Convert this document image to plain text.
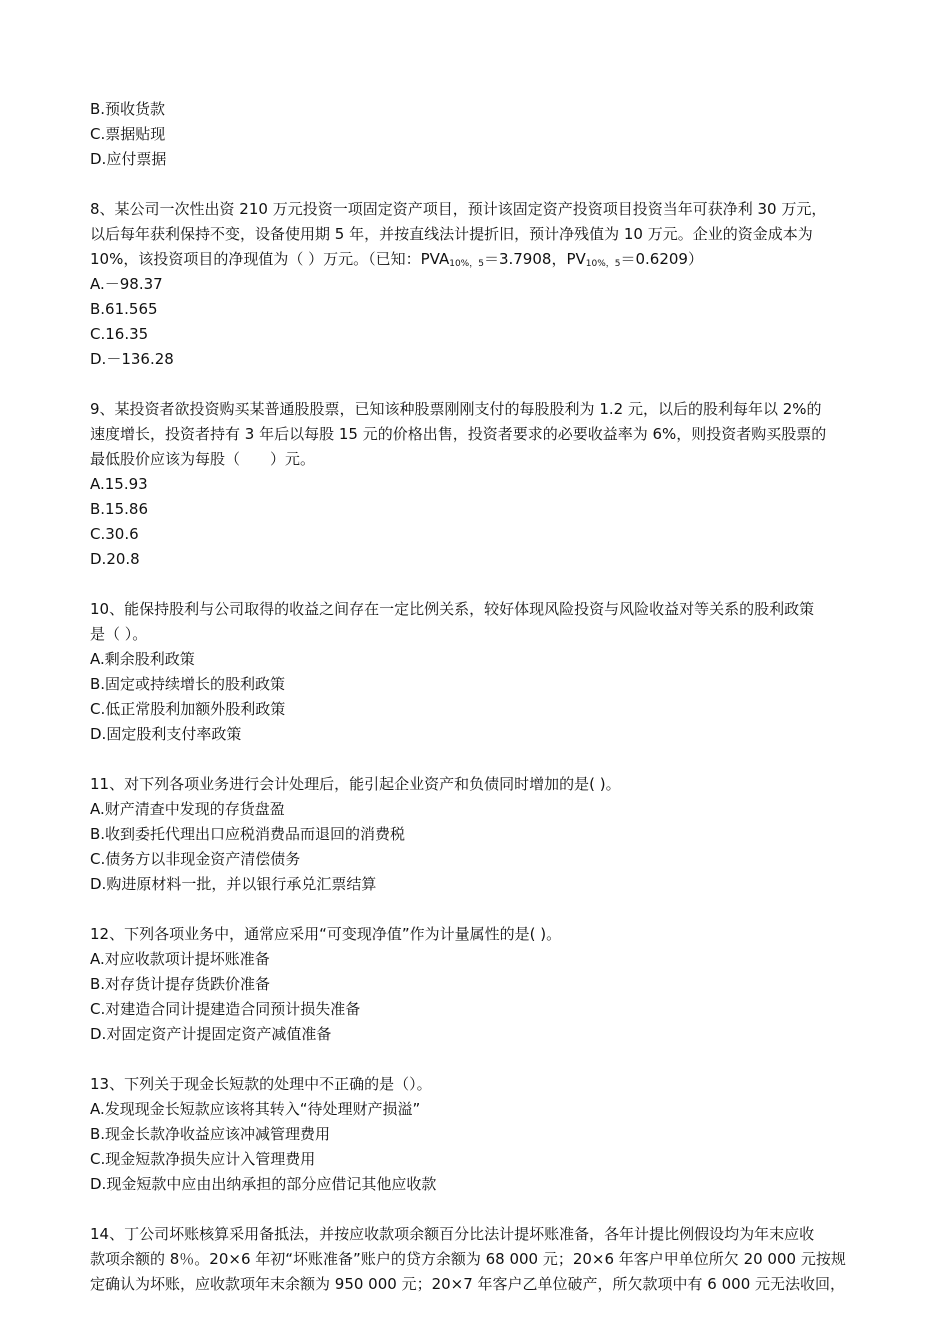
B.预收货款
C.票据贴现
D.应付票据
8、某公司一次性出资 210 万元投资一项固定资产项目，预计该固定资产投资项目投资当年可获净利 30 万元，
以后每年获利保持不变，设备使用期 5 年，并按直线法计提折旧，预计净残值为 10 万元。企业的资金成本为
10%，该投资项目的净现值为（ ）万元。（已知：$PVA_{10\%,5}=3.7908$，$PV_{10\%,5}=0.6209$）
A.－98.37
B.61.565
C.16.35
D.－136.28
9、某投资者欲投资购买某普通股股票，已知该种股票刚刚支付的每股股利为 1.2 元，以后的股利每年以 2%的
速度增长，投资者持有 3 年后以每股 15 元的价格出售，投资者要求的必要收益率为 6%，则投资者购买股票的
最低股价应该为每股（　　）元。
A.15.93
B.15.86
C.30.6
D.20.8
10、能保持股利与公司取得的收益之间存在一定比例关系，较好体现风险投资与风险收益对等关系的股利政策
是（ ）。
A.剩余股利政策
B.固定或持续增长的股利政策
C.低正常股利加额外股利政策
D.固定股利支付率政策
11、对下列各项业务进行会计处理后，能引起企业资产和负债同时增加的是( )。
A.财产清查中发现的存货盘盈
B.收到委托代理出口应税消费品而退回的消费税
C.债务方以非现金资产清偿债务
D.购进原材料一批，并以银行承兑汇票结算
12、下列各项业务中，通常应采用“可变现净值”作为计量属性的是( )。
A.对应收款项计提坏账准备
B.对存货计提存货跌价准备
C.对建造合同计提建造合同预计损失准备
D.对固定资产计提固定资产减值准备
13、下列关于现金长短款的处理中不正确的是（）。
A.发现现金长短款应该将其转入“待处理财产损溢”
B.现金长款净收益应该冲减管理费用
C.现金短款净损失应计入管理费用
D.现金短款中应由出纳承担的部分应借记其他应收款
14、丁公司坏账核算采用备抵法，并按应收款项余额百分比法计提坏账准备，各年计提比例假设均为年末应收
款项余额的 8％。20×6 年初“坏账准备”账户的贷方余额为 68 000 元；20×6 年客户甲单位所欠 20 000 元按规
定确认为坏账，应收款项年末余额为 950 000 元；20×7 年客户乙单位破产，所欠款项中有 6 000 元无法收回，
